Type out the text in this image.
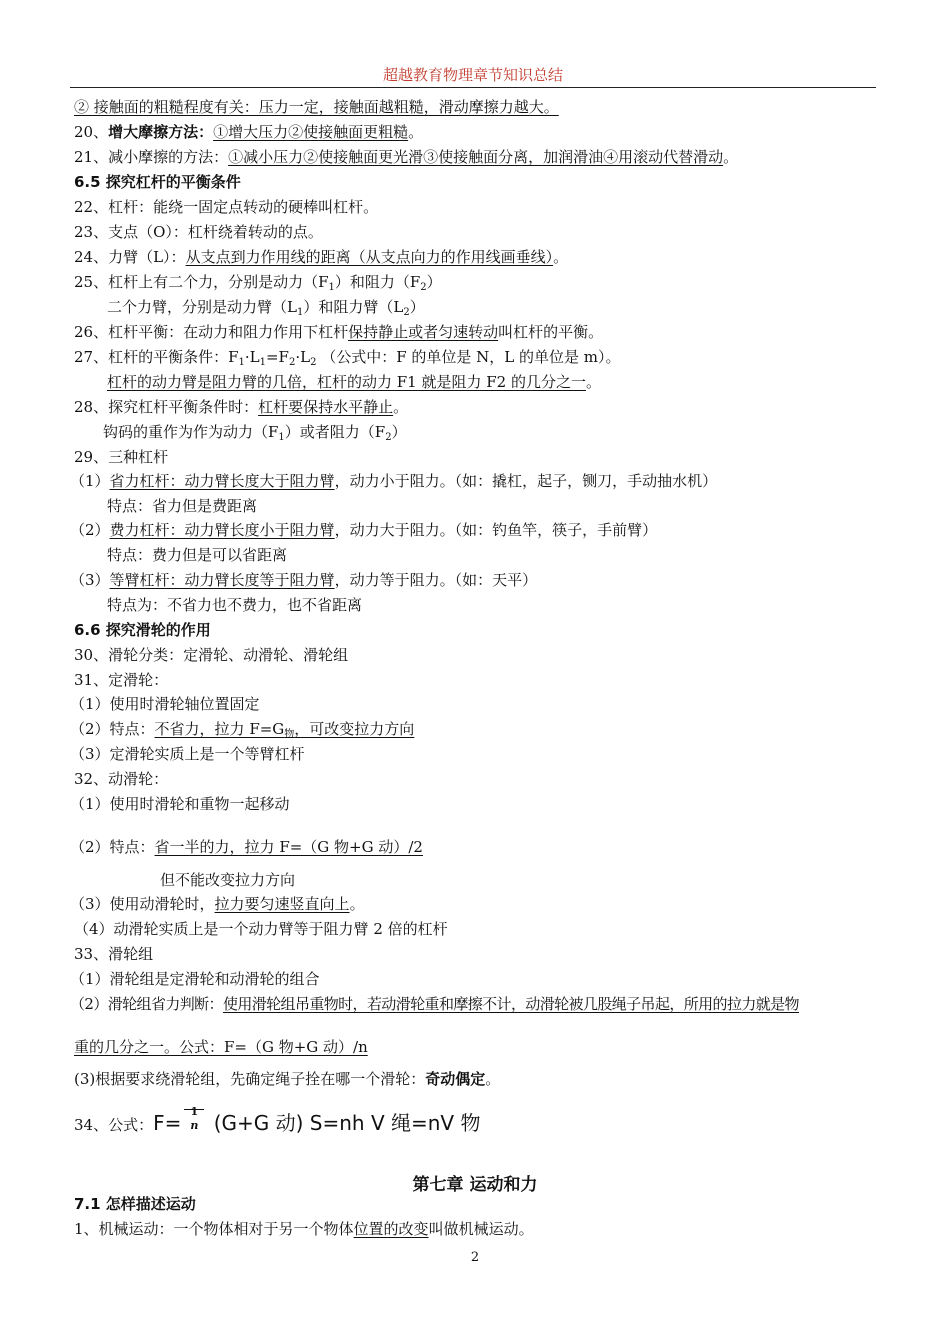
超越教育物理章节知识总结
② 接触面的粗糙程度有关：压力一定，接触面越粗糙，滑动摩擦力越大。
20、增大摩擦方法：①增大压力②使接触面更粗糙。
21、减小摩擦的方法：①减小压力②使接触面更光滑③使接触面分离，加润滑油④用滚动代替滑动。
6.5 探究杠杆的平衡条件
22、杠杆：能绕一固定点转动的硬棒叫杠杆。
23、支点（O）：杠杆绕着转动的点。
24、力臂（L）：从支点到力作用线的距离（从支点向力的作用线画垂线）。
25、杠杆上有二个力，分别是动力$(F_1)$和阻力$(F_2)$
二个力臂，分别是动力臂$(L_1)$和阻力臂$(L_2)$
26、杠杆平衡：在动力和阻力作用下杠杆保持静止或者匀速转动叫杠杆的平衡。
27、杠杆的平衡条件：$F_1\cdot L_1=F_2\cdot L_2$ （公式中：F 的单位是 N，L 的单位是 m）。
杠杆的动力臂是阻力臂的几倍，杠杆的动力 F1 就是阻力 F2 的几分之一。
28、探究杠杆平衡条件时：杠杆要保持水平静止。
钩码的重作为作为动力$(F_1)$或者阻力$(F_2)$
29、三种杠杆
（1）省力杠杆：动力臂长度大于阻力臂，动力小于阻力。（如：撬杠，起子，铡刀，手动抽水机）
特点：省力但是费距离
（2）费力杠杆：动力臂长度小于阻力臂，动力大于阻力。（如：钓鱼竿，筷子，手前臂）
特点：费力但是可以省距离
（3）等臂杠杆：动力臂长度等于阻力臂，动力等于阻力。（如：天平）
特点为：不省力也不费力，也不省距离
6.6 探究滑轮的作用
30、滑轮分类：定滑轮、动滑轮、滑轮组
31、定滑轮：
（1）使用时滑轮轴位置固定
（2）特点：不省力，拉力 $F=G_物$，可改变拉力方向
（3）定滑轮实质上是一个等臂杠杆
32、动滑轮：
（1）使用时滑轮和重物一起移动
（2）特点：省一半的力，拉力 F=（G 物+G 动）/2
但不能改变拉力方向
（3）使用动滑轮时，拉力要匀速竖直向上。
（4）动滑轮实质上是一个动力臂等于阻力臂 2 倍的杠杆
33、滑轮组
（1）滑轮组是定滑轮和动滑轮的组合
（2）滑轮组省力判断：使用滑轮组吊重物时，若动滑轮重和摩擦不计，动滑轮被几股绳子吊起，所用的拉力就是物
重的几分之一。公式：F=（G 物+G 动）/n
(3)根据要求绕滑轮组，先确定绳子拴在哪一个滑轮：奇动偶定。
34、公式：F= 1
n (G+G 动) S=nh V 绳=nV 物
第七章 运动和力
7.1 怎样描述运动
1、机械运动：一个物体相对于另一个物体位置的改变叫做机械运动。
2
